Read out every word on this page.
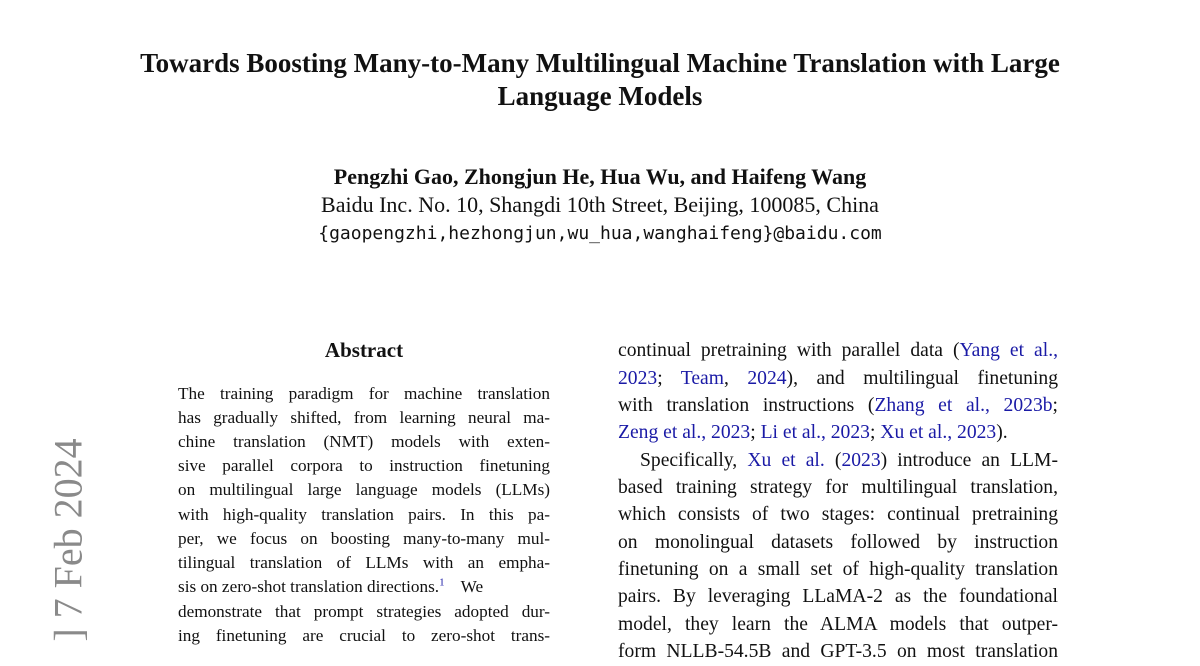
Towards Boosting Many-to-Many Multilingual Machine Translation with Large Language Models
Pengzhi Gao, Zhongjun He, Hua Wu, and Haifeng Wang
Baidu Inc. No. 10, Shangdi 10th Street, Beijing, 100085, China
{gaopengzhi,hezhongjun,wu_hua,wanghaifeng}@baidu.com
] 7 Feb 2024
Abstract
The training paradigm for machine translation
has gradually shifted, from learning neural ma-
chine translation (NMT) models with exten-
sive parallel corpora to instruction finetuning
on multilingual large language models (LLMs)
with high-quality translation pairs. In this pa-
per, we focus on boosting many-to-many mul-
tilingual translation of LLMs with an empha-
sis on zero-shot translation directions.$^1$ We
demonstrate that prompt strategies adopted dur-
ing finetuning are crucial to zero-shot trans-
continual pretraining with parallel data (Yang et al.,
2023; Team, 2024), and multilingual finetuning
with translation instructions (Zhang et al., 2023b;
Zeng et al., 2023; Li et al., 2023; Xu et al., 2023).
Specifically, Xu et al. (2023) introduce an LLM-
based training strategy for multilingual translation,
which consists of two stages: continual pretraining
on monolingual datasets followed by instruction
finetuning on a small set of high-quality translation
pairs. By leveraging LLaMA-2 as the foundational
model, they learn the ALMA models that outper-
form NLLB-54.5B and GPT-3.5 on most translation
